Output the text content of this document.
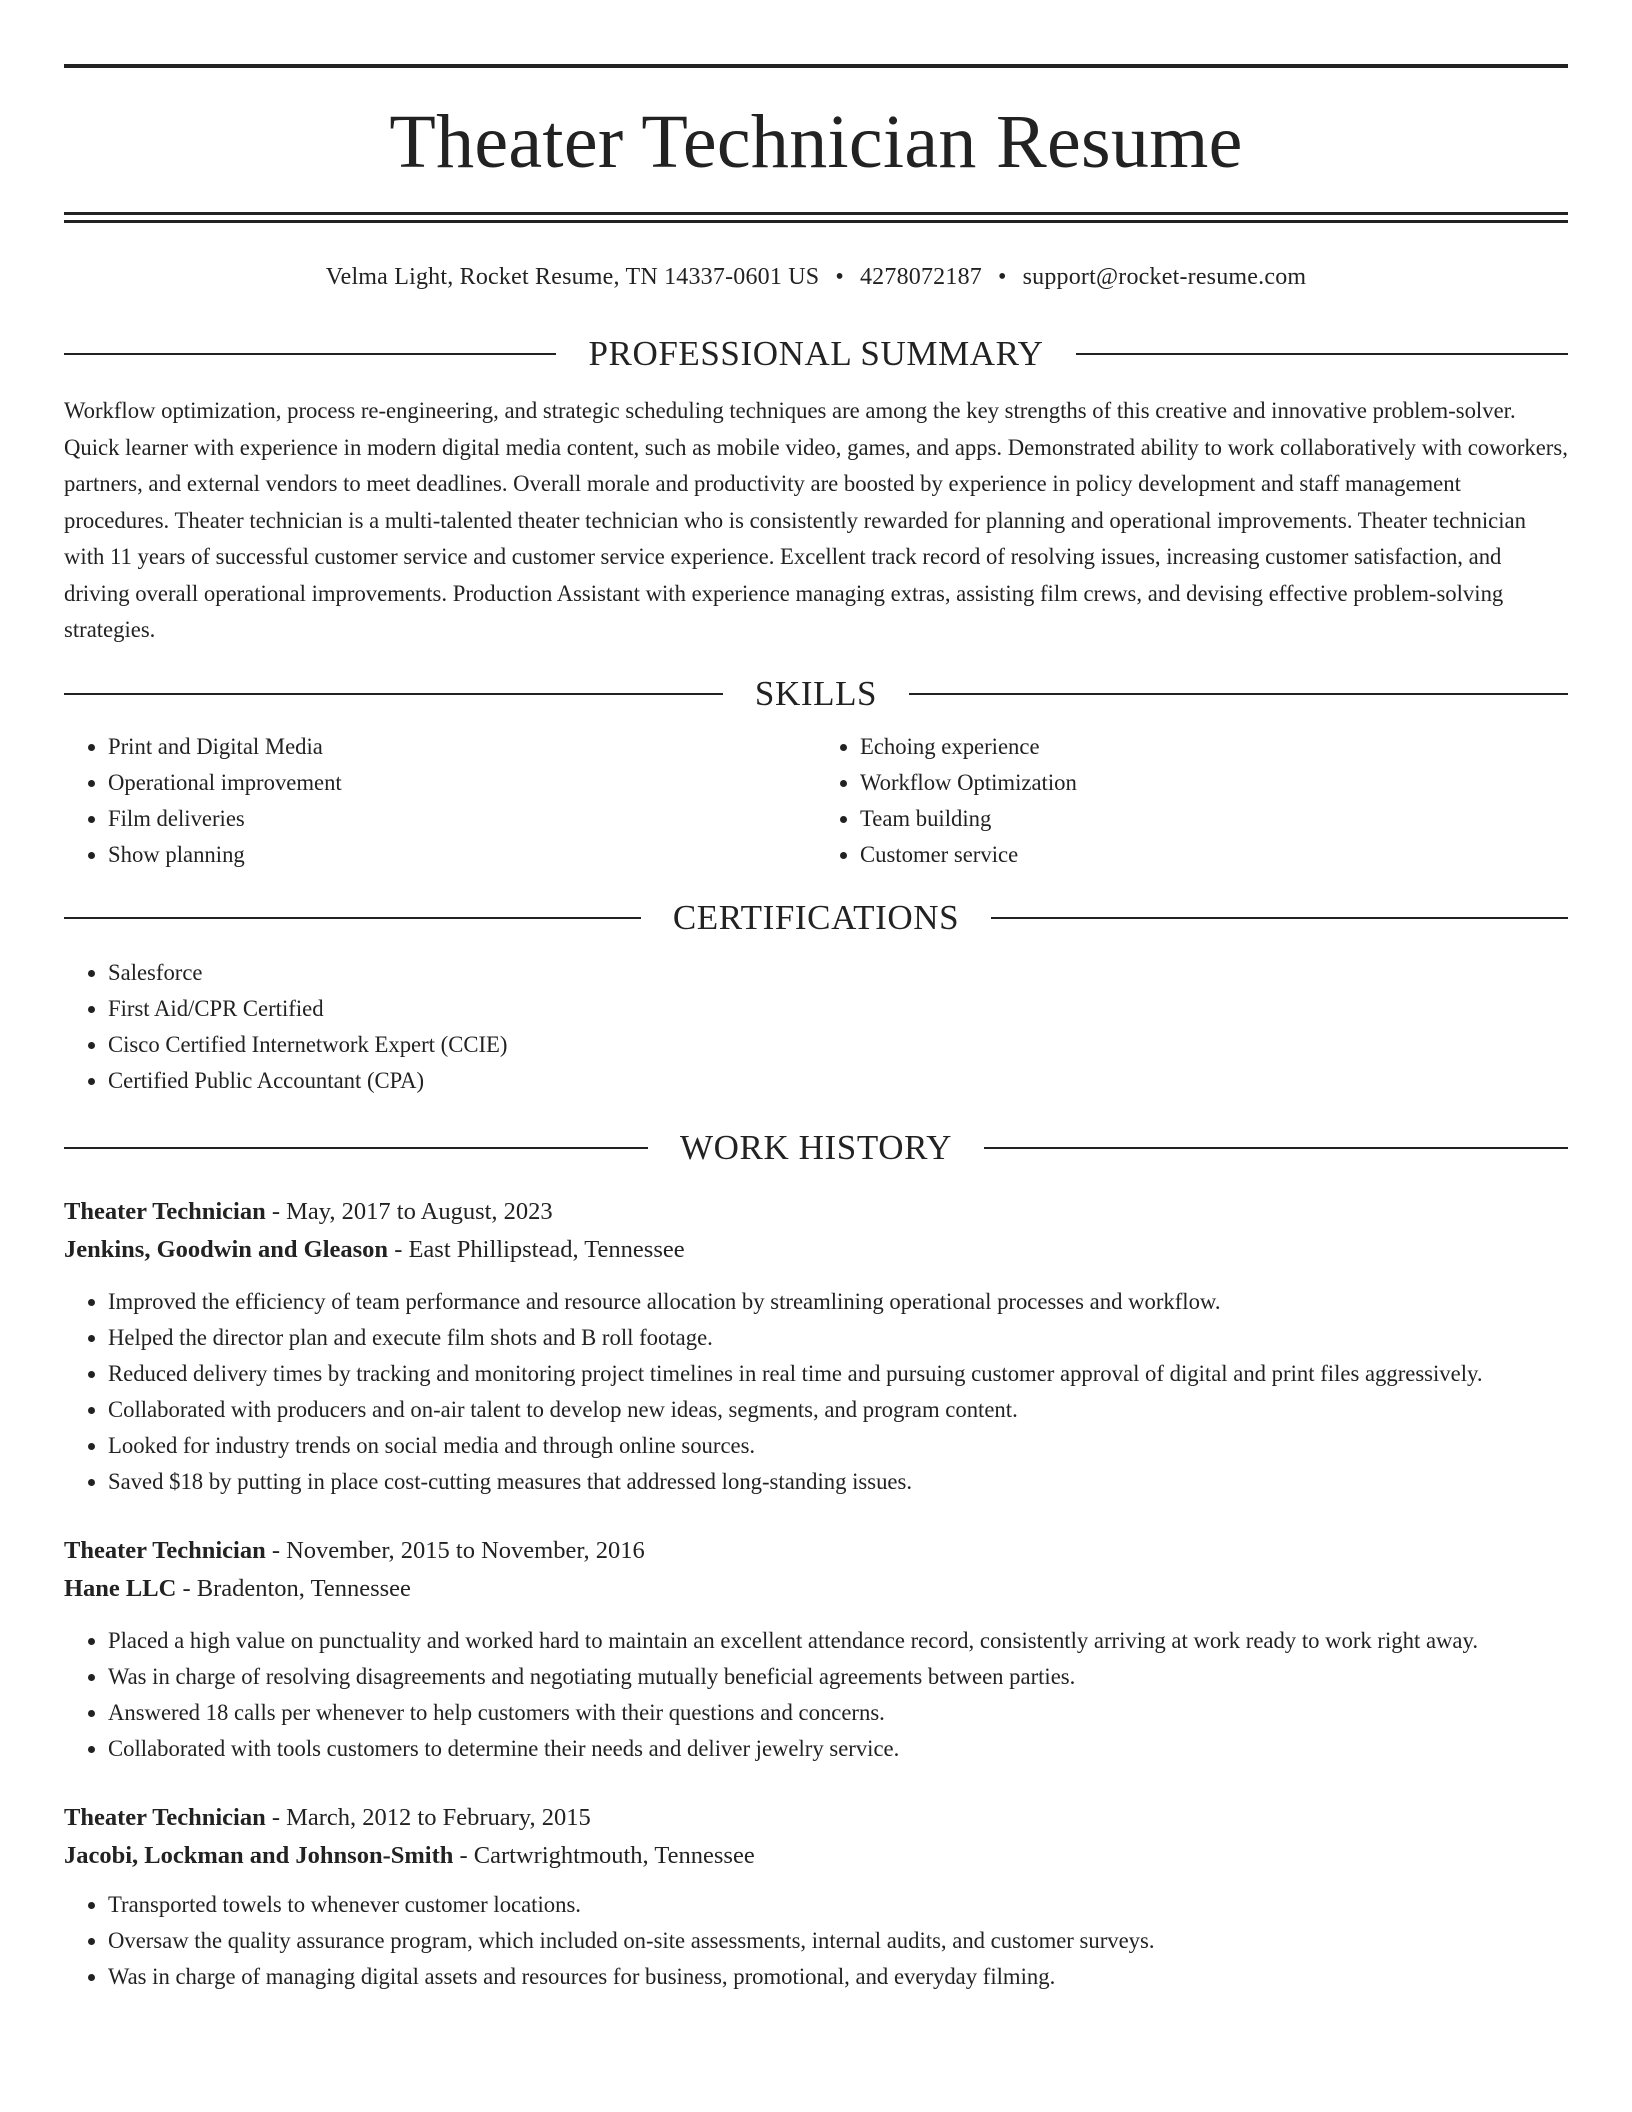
Theater Technician Resume
Velma Light, Rocket Resume, TN 14337-0601 US • 4278072187 • support@rocket-resume.com
PROFESSIONAL SUMMARY

Workflow optimization, process re-engineering, and strategic scheduling techniques are among the key strengths of this creative and innovative problem-solver. Quick learner with experience in modern digital media content, such as mobile video, games, and apps. Demonstrated ability to work collaboratively with coworkers, partners, and external vendors to meet deadlines. Overall morale and productivity are boosted by experience in policy development and staff management procedures. Theater technician is a multi-talented theater technician who is consistently rewarded for planning and operational improvements. Theater technician with 11 years of successful customer service and customer service experience. Excellent track record of resolving issues, increasing customer satisfaction, and driving overall operational improvements. Production Assistant with experience managing extras, assisting film crews, and devising effective problem-solving strategies.

SKILLS
• Print and Digital Media
• Operational improvement
• Film deliveries
• Show planning
• Echoing experience
• Workflow Optimization
• Team building
• Customer service
CERTIFICATIONS
• Salesforce
• First Aid/CPR Certified
• Cisco Certified Internetwork Expert (CCIE)
• Certified Public Accountant (CPA)
WORK HISTORY
Theater Technician - May, 2017 to August, 2023
Jenkins, Goodwin and Gleason - East Phillipstead, Tennessee
• Improved the efficiency of team performance and resource allocation by streamlining operational processes and workflow.
• Helped the director plan and execute film shots and B roll footage.
• Reduced delivery times by tracking and monitoring project timelines in real time and pursuing customer approval of digital and print files aggressively.
• Collaborated with producers and on-air talent to develop new ideas, segments, and program content.
• Looked for industry trends on social media and through online sources.
• Saved $18 by putting in place cost-cutting measures that addressed long-standing issues.
Theater Technician - November, 2015 to November, 2016
Hane LLC - Bradenton, Tennessee
• Placed a high value on punctuality and worked hard to maintain an excellent attendance record, consistently arriving at work ready to work right away.
• Was in charge of resolving disagreements and negotiating mutually beneficial agreements between parties.
• Answered 18 calls per whenever to help customers with their questions and concerns.
• Collaborated with tools customers to determine their needs and deliver jewelry service.
Theater Technician - March, 2012 to February, 2015
Jacobi, Lockman and Johnson-Smith - Cartwrightmouth, Tennessee
• Transported towels to whenever customer locations.
• Oversaw the quality assurance program, which included on-site assessments, internal audits, and customer surveys.
• Was in charge of managing digital assets and resources for business, promotional, and everyday filming.
